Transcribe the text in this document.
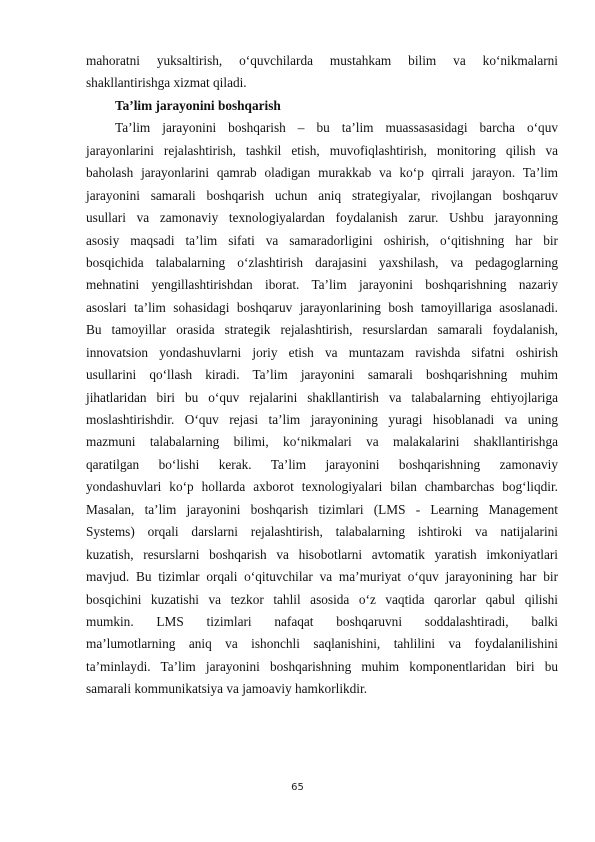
mahoratni yuksaltirish, o‘quvchilarda mustahkam bilim va ko‘nikmalarni
shakllantirishga xizmat qiladi.
Ta’lim jarayonini boshqarish
Ta’lim jarayonini boshqarish – bu ta’lim muassasasidagi barcha o‘quv
jarayonlarini rejalashtirish, tashkil etish, muvofiqlashtirish, monitoring qilish va
baholash jarayonlarini qamrab oladigan murakkab va ko‘p qirrali jarayon. Ta’lim
jarayonini samarali boshqarish uchun aniq strategiyalar, rivojlangan boshqaruv
usullari va zamonaviy texnologiyalardan foydalanish zarur. Ushbu jarayonning
asosiy maqsadi ta’lim sifati va samaradorligini oshirish, o‘qitishning har bir
bosqichida talabalarning o‘zlashtirish darajasini yaxshilash, va pedagoglarning
mehnatini yengillashtirishdan iborat. Ta’lim jarayonini boshqarishning nazariy
asoslari ta’lim sohasidagi boshqaruv jarayonlarining bosh tamoyillariga asoslanadi.
Bu tamoyillar orasida strategik rejalashtirish, resurslardan samarali foydalanish,
innovatsion yondashuvlarni joriy etish va muntazam ravishda sifatni oshirish
usullarini qo‘llash kiradi. Ta’lim jarayonini samarali boshqarishning muhim
jihatlaridan biri bu o‘quv rejalarini shakllantirish va talabalarning ehtiyojlariga
moslashtirishdir. O‘quv rejasi ta’lim jarayonining yuragi hisoblanadi va uning
mazmuni talabalarning bilimi, ko‘nikmalari va malakalarini shakllantirishga
qaratilgan bo‘lishi kerak. Ta’lim jarayonini boshqarishning zamonaviy
yondashuvlari ko‘p hollarda axborot texnologiyalari bilan chambarchas bog‘liqdir.
Masalan, ta’lim jarayonini boshqarish tizimlari (LMS - Learning Management
Systems) orqali darslarni rejalashtirish, talabalarning ishtiroki va natijalarini
kuzatish, resurslarni boshqarish va hisobotlarni avtomatik yaratish imkoniyatlari
mavjud. Bu tizimlar orqali o‘qituvchilar va ma’muriyat o‘quv jarayonining har bir
bosqichini kuzatishi va tezkor tahlil asosida o‘z vaqtida qarorlar qabul qilishi
mumkin. LMS tizimlari nafaqat boshqaruvni soddalashtiradi, balki
ma’lumotlarning aniq va ishonchli saqlanishini, tahlilini va foydalanilishini
ta’minlaydi. Ta’lim jarayonini boshqarishning muhim komponentlaridan biri bu
samarali kommunikatsiya va jamoaviy hamkorlikdir.
65
